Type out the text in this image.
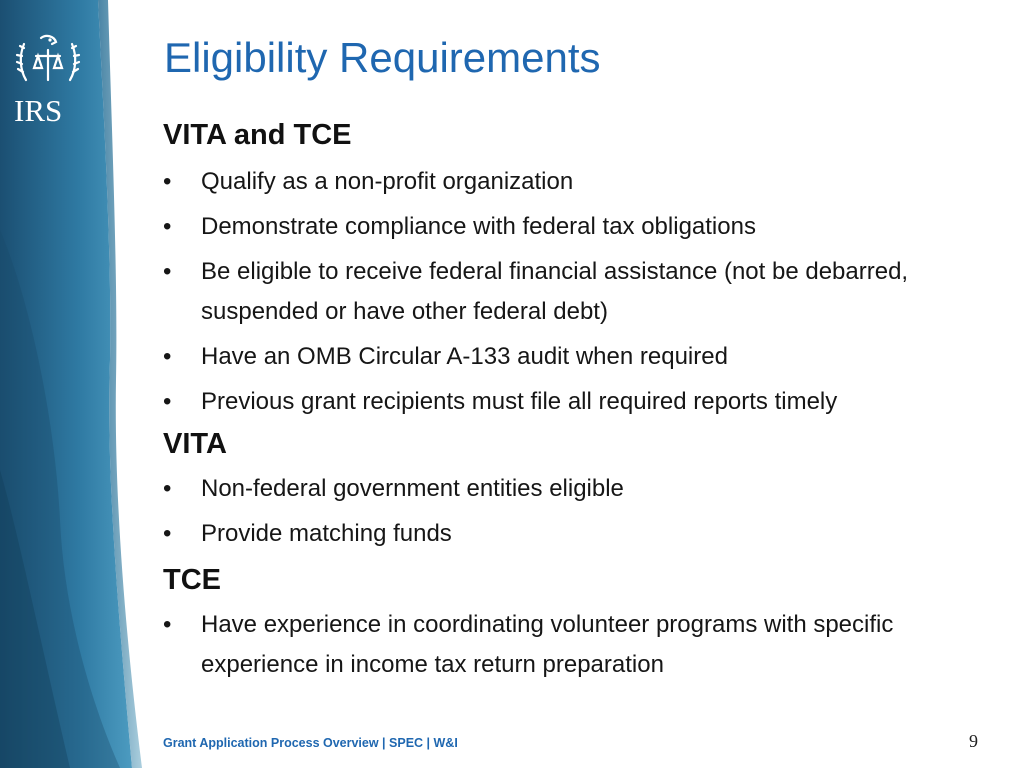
IRS
Eligibility Requirements
VITA and TCE
•	Qualify as a non-profit organization
•	Demonstrate compliance with federal tax obligations
•	Be eligible to receive federal financial assistance (not be debarred, suspended or have other federal debt)
•	Have an OMB Circular A-133 audit when required
•	Previous grant recipients must file all required reports timely
VITA
•	Non-federal government entities eligible
•	Provide matching funds
TCE
•	Have experience in coordinating volunteer programs with specific experience in income tax return preparation
Grant Application Process Overview | SPEC | W&I	9
